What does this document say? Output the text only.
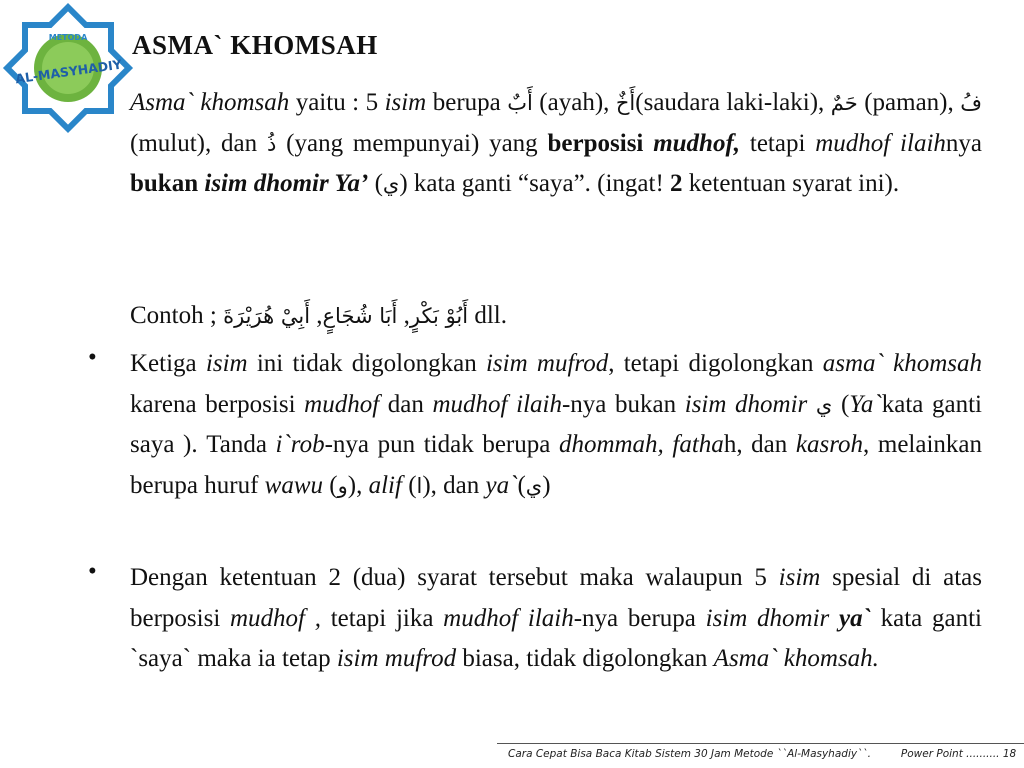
METODA
AL-MASYHADIY
ASMA` KHOMSAH
Asma` khomsah yaitu : 5 isim berupa أَبٌ (ayah), أَخٌ(saudara laki-laki), حَمٌ (paman), فُ (mulut), dan ذُ (yang mempunyai) yang berposisi mudhof, tetapi mudhof ilaihnya bukan isim dhomir Ya’ (ي) kata ganti “saya”. (ingat! 2 ketentuan syarat ini).
Contoh ;	أَبُوْ بَكْرٍ, أَبَا شُجَاعٍ, أَبِيْ هُرَيْرَةَ	dll.
• Ketiga isim ini tidak digolongkan isim mufrod, tetapi digolongkan asma` khomsah karena berposisi mudhof dan mudhof ilaih-nya bukan isim dhomir ي (Ya`kata ganti saya ). Tanda i`rob-nya pun tidak berupa dhommah, fathah, dan kasroh, melainkan berupa huruf wawu (و), alif (ا), dan ya`(ي)
• Dengan ketentuan 2 (dua) syarat tersebut maka walaupun 5 isim spesial di atas berposisi mudhof , tetapi jika mudhof ilaih-nya berupa isim dhomir ya` kata ganti `saya` maka ia tetap isim mufrod biasa, tidak digolongkan Asma` khomsah.
Cara Cepat Bisa Baca Kitab Sistem 30 Jam Metode ``Al-Masyhadiy``.	Power Point .......... 18
